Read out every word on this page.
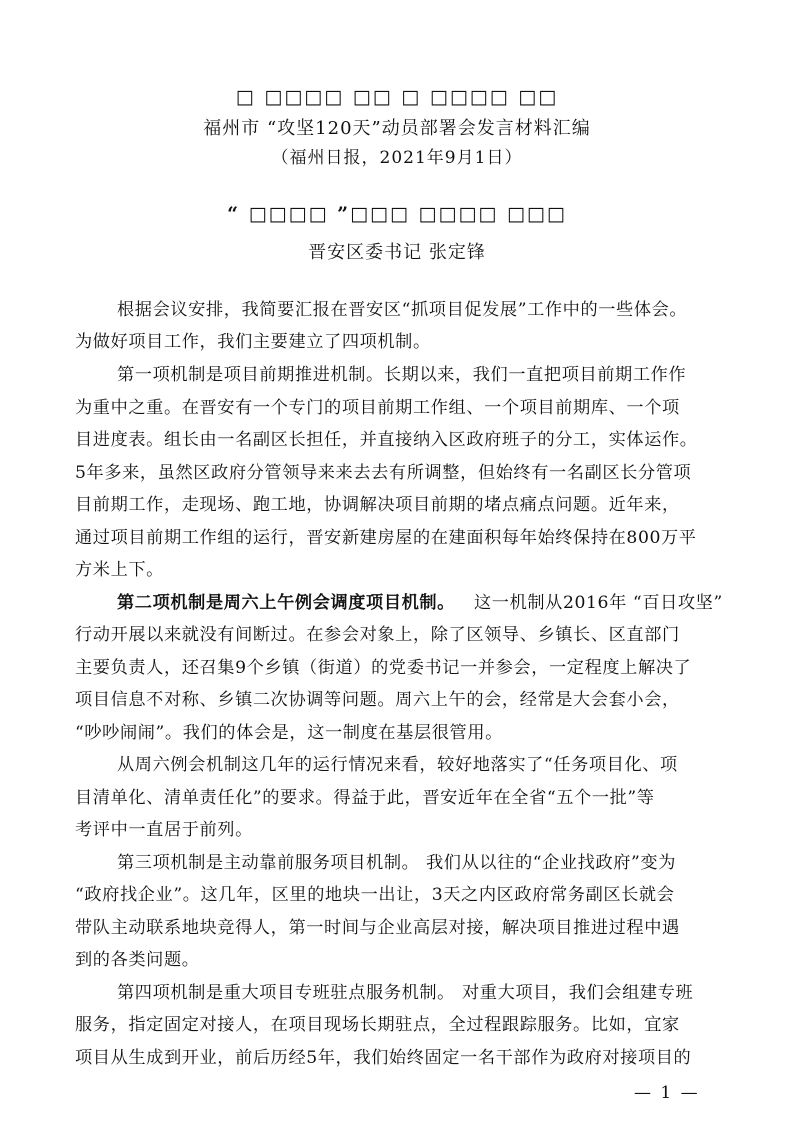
□ □□□□ □□ □ □□□□ □□
福州市 “攻坚120天”动员部署会发言材料汇编
（福州日报，2021年9月1日）
“ □□□□ ”□□□ □□□□ □□□
晋安区委书记 张定锋
根据会议安排，我简要汇报在晋安区“抓项目促发展”工作中的一些体会。
为做好项目工作，我们主要建立了四项机制。
第一项机制是项目前期推进机制。长期以来，我们一直把项目前期工作作
为重中之重。在晋安有一个专门的项目前期工作组、一个项目前期库、一个项
目进度表。组长由一名副区长担任，并直接纳入区政府班子的分工，实体运作。
5年多来，虽然区政府分管领导来来去去有所调整，但始终有一名副区长分管项
目前期工作，走现场、跑工地，协调解决项目前期的堵点痛点问题。近年来，
通过项目前期工作组的运行，晋安新建房屋的在建面积每年始终保持在800万平
方米上下。
第二项机制是周六上午例会调度项目机制。 这一机制从2016年 “百日攻坚”
行动开展以来就没有间断过。在参会对象上，除了区领导、乡镇长、区直部门
主要负责人，还召集9个乡镇（街道）的党委书记一并参会，一定程度上解决了
项目信息不对称、乡镇二次协调等问题。周六上午的会，经常是大会套小会，
“吵吵闹闹”。我们的体会是，这一制度在基层很管用。
从周六例会机制这几年的运行情况来看，较好地落实了“任务项目化、项
目清单化、清单责任化”的要求。得益于此，晋安近年在全省“五个一批”等
考评中一直居于前列。
第三项机制是主动靠前服务项目机制。 我们从以往的“企业找政府”变为
“政府找企业”。这几年，区里的地块一出让，3天之内区政府常务副区长就会
带队主动联系地块竞得人，第一时间与企业高层对接，解决项目推进过程中遇
到的各类问题。
第四项机制是重大项目专班驻点服务机制。 对重大项目，我们会组建专班
服务，指定固定对接人，在项目现场长期驻点，全过程跟踪服务。比如，宜家
项目从生成到开业，前后历经5年，我们始终固定一名干部作为政府对接项目的
— 1 —
